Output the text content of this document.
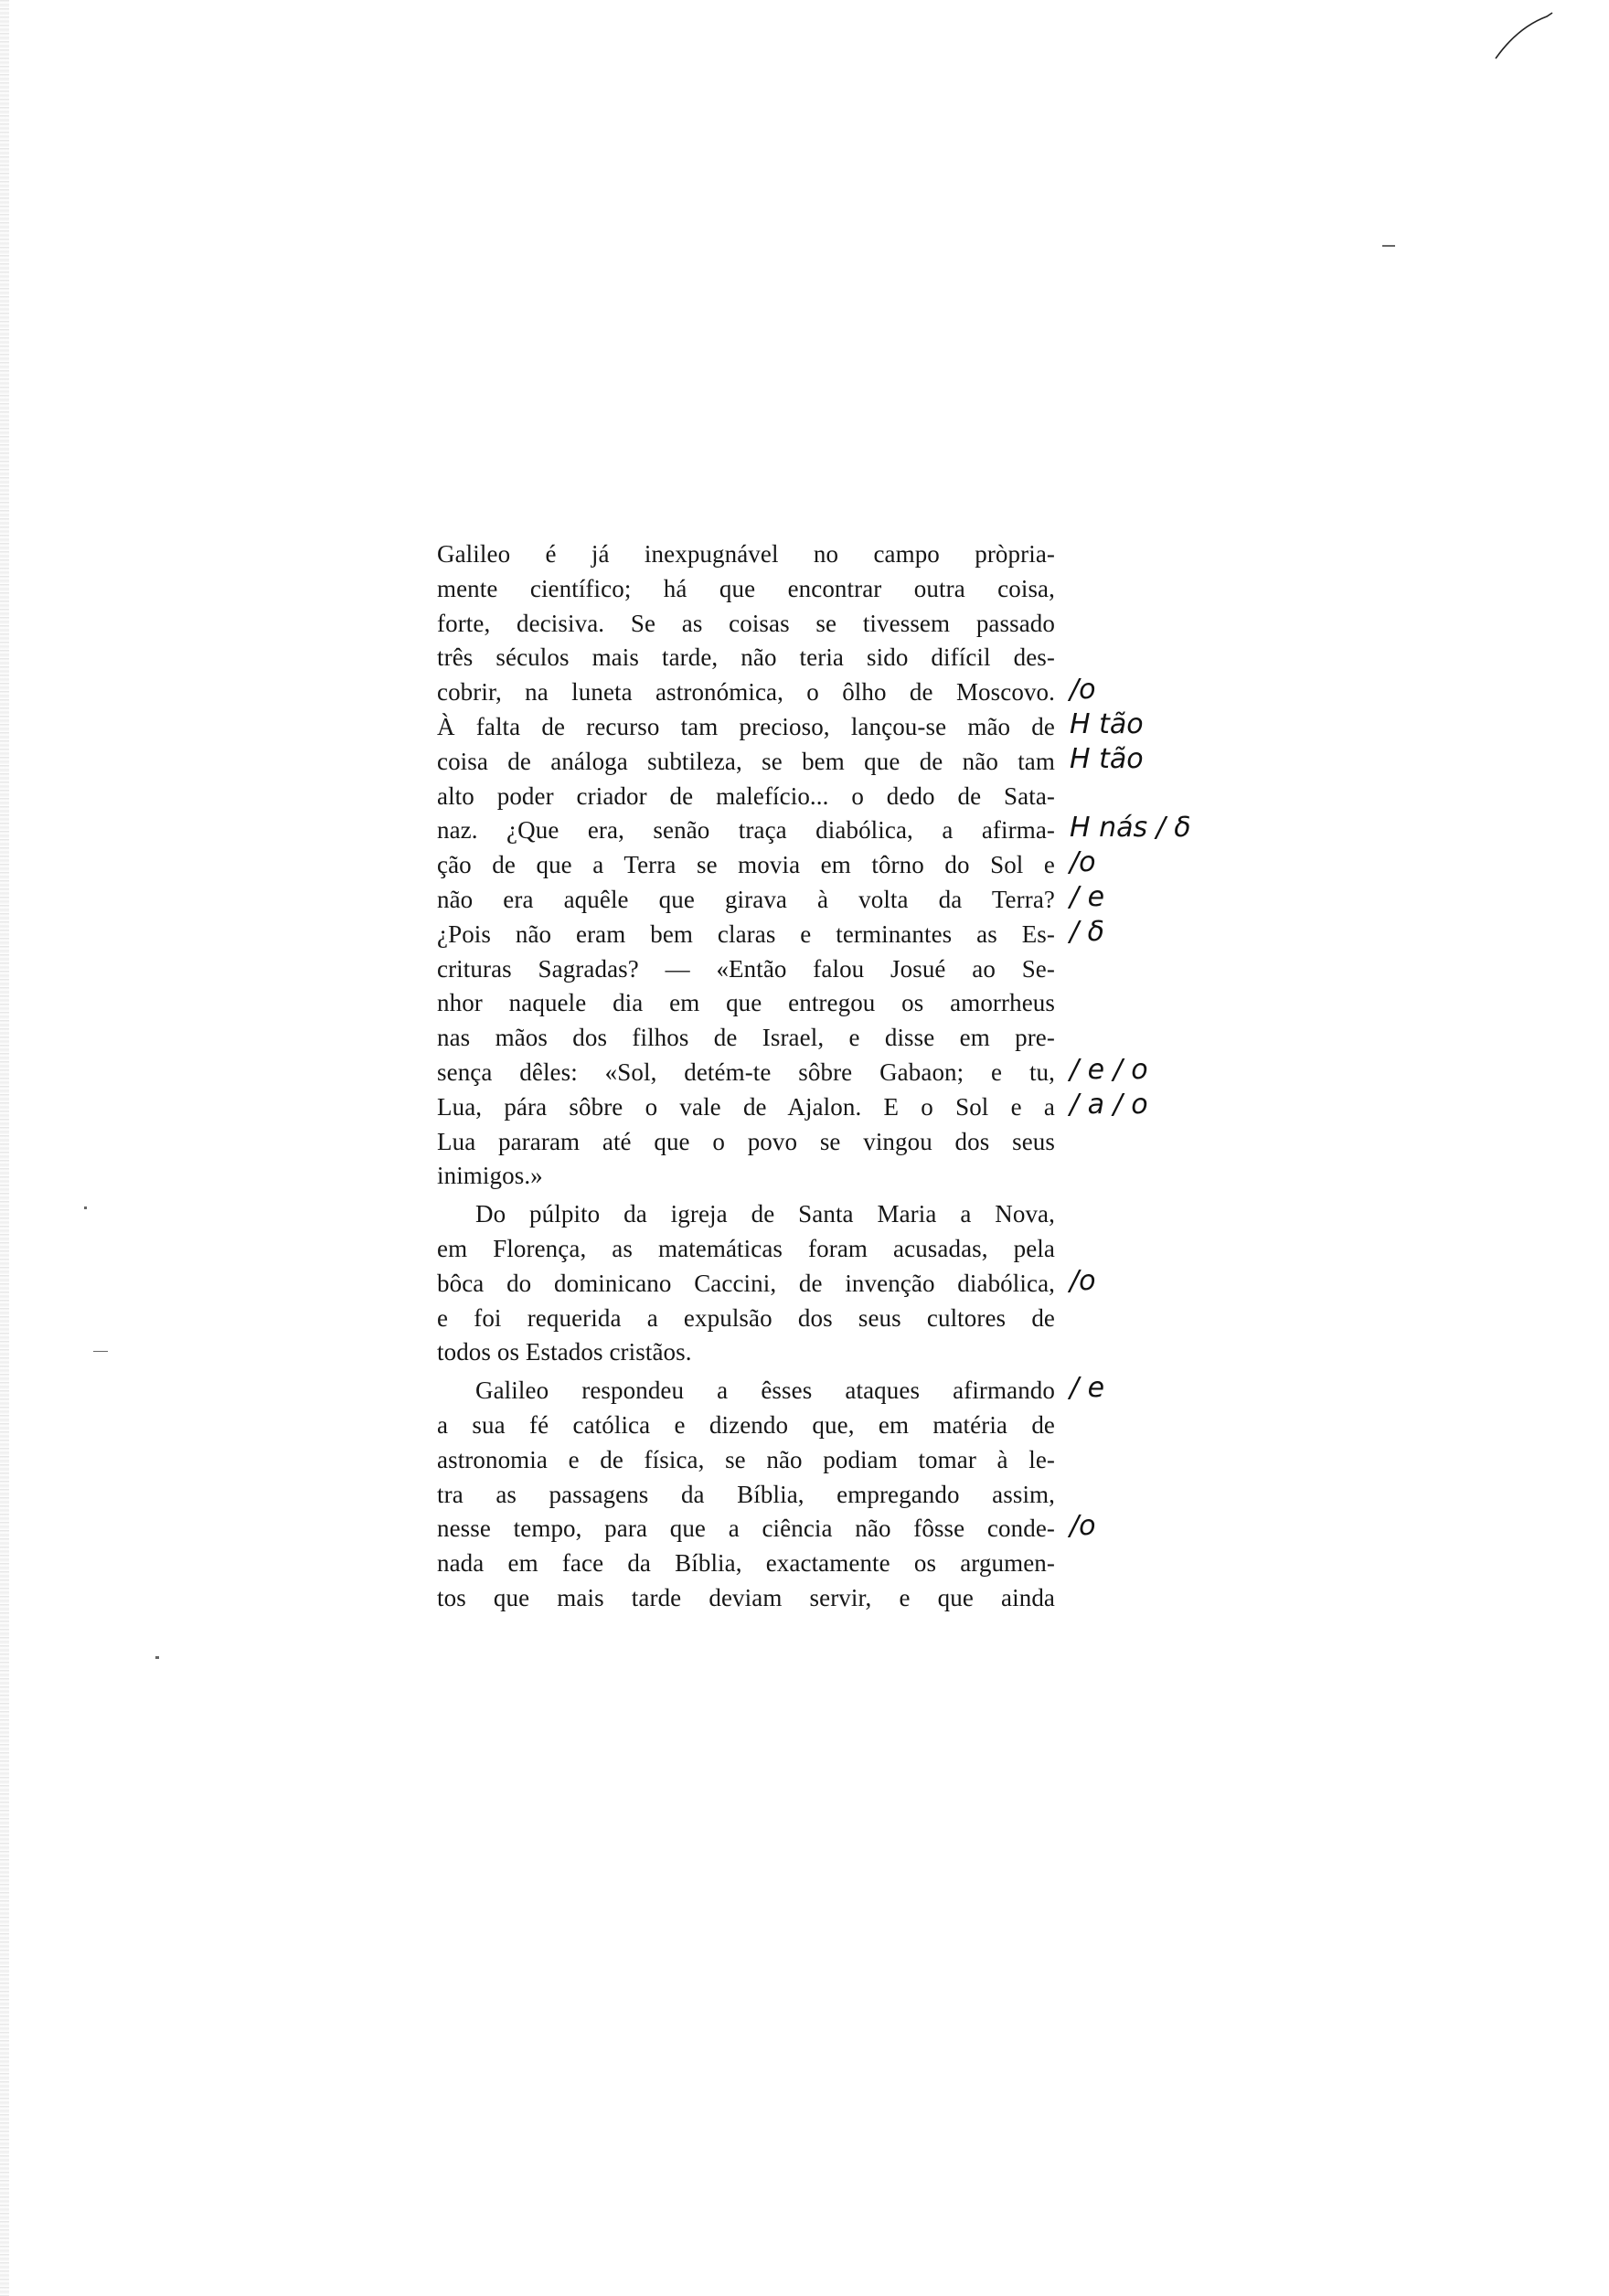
Galileo é já inexpugnável no campo pròpria-
mente científico; há que encontrar outra coisa,
forte, decisiva. Se as coisas se tivessem passado
três séculos mais tarde, não teria sido difícil des-
cobrir, na luneta astronómica, o ôlho de Moscovo.
À falta de recurso tam precioso, lançou-se mão de
coisa de análoga subtileza, se bem que de não tam
alto poder criador de malefício... o dedo de Sata-
naz. ¿Que era, senão traça diabólica, a afirma-
ção de que a Terra se movia em tôrno do Sol e
não era aquêle que girava à volta da Terra?
¿Pois não eram bem claras e terminantes as Es-
crituras Sagradas? — «Então falou Josué ao Se-
nhor naquele dia em que entregou os amorrheus
nas mãos dos filhos de Israel, e disse em pre-
sença dêles: «Sol, detém-te sôbre Gabaon; e tu,
Lua, pára sôbre o vale de Ajalon. E o Sol e a
Lua pararam até que o povo se vingou dos seus
inimigos.»
Do púlpito da igreja de Santa Maria a Nova,
em Florença, as matemáticas foram acusadas, pela
bôca do dominicano Caccini, de invenção diabólica,
e foi requerida a expulsão dos seus cultores de
todos os Estados cristãos.
Galileo respondeu a êsses ataques afirmando
a sua fé católica e dizendo que, em matéria de
astronomia e de física, se não podiam tomar à le-
tra as passagens da Bíblia, empregando assim,
nesse tempo, para que a ciência não fôsse conde-
nada em face da Bíblia, exactamente os argumen-
tos que mais tarde deviam servir, e que ainda
/o
H tão
H tão
H nás / δ
/o
/ e
/ δ
/ e / o
/ a / o
/o
/ e
/o
